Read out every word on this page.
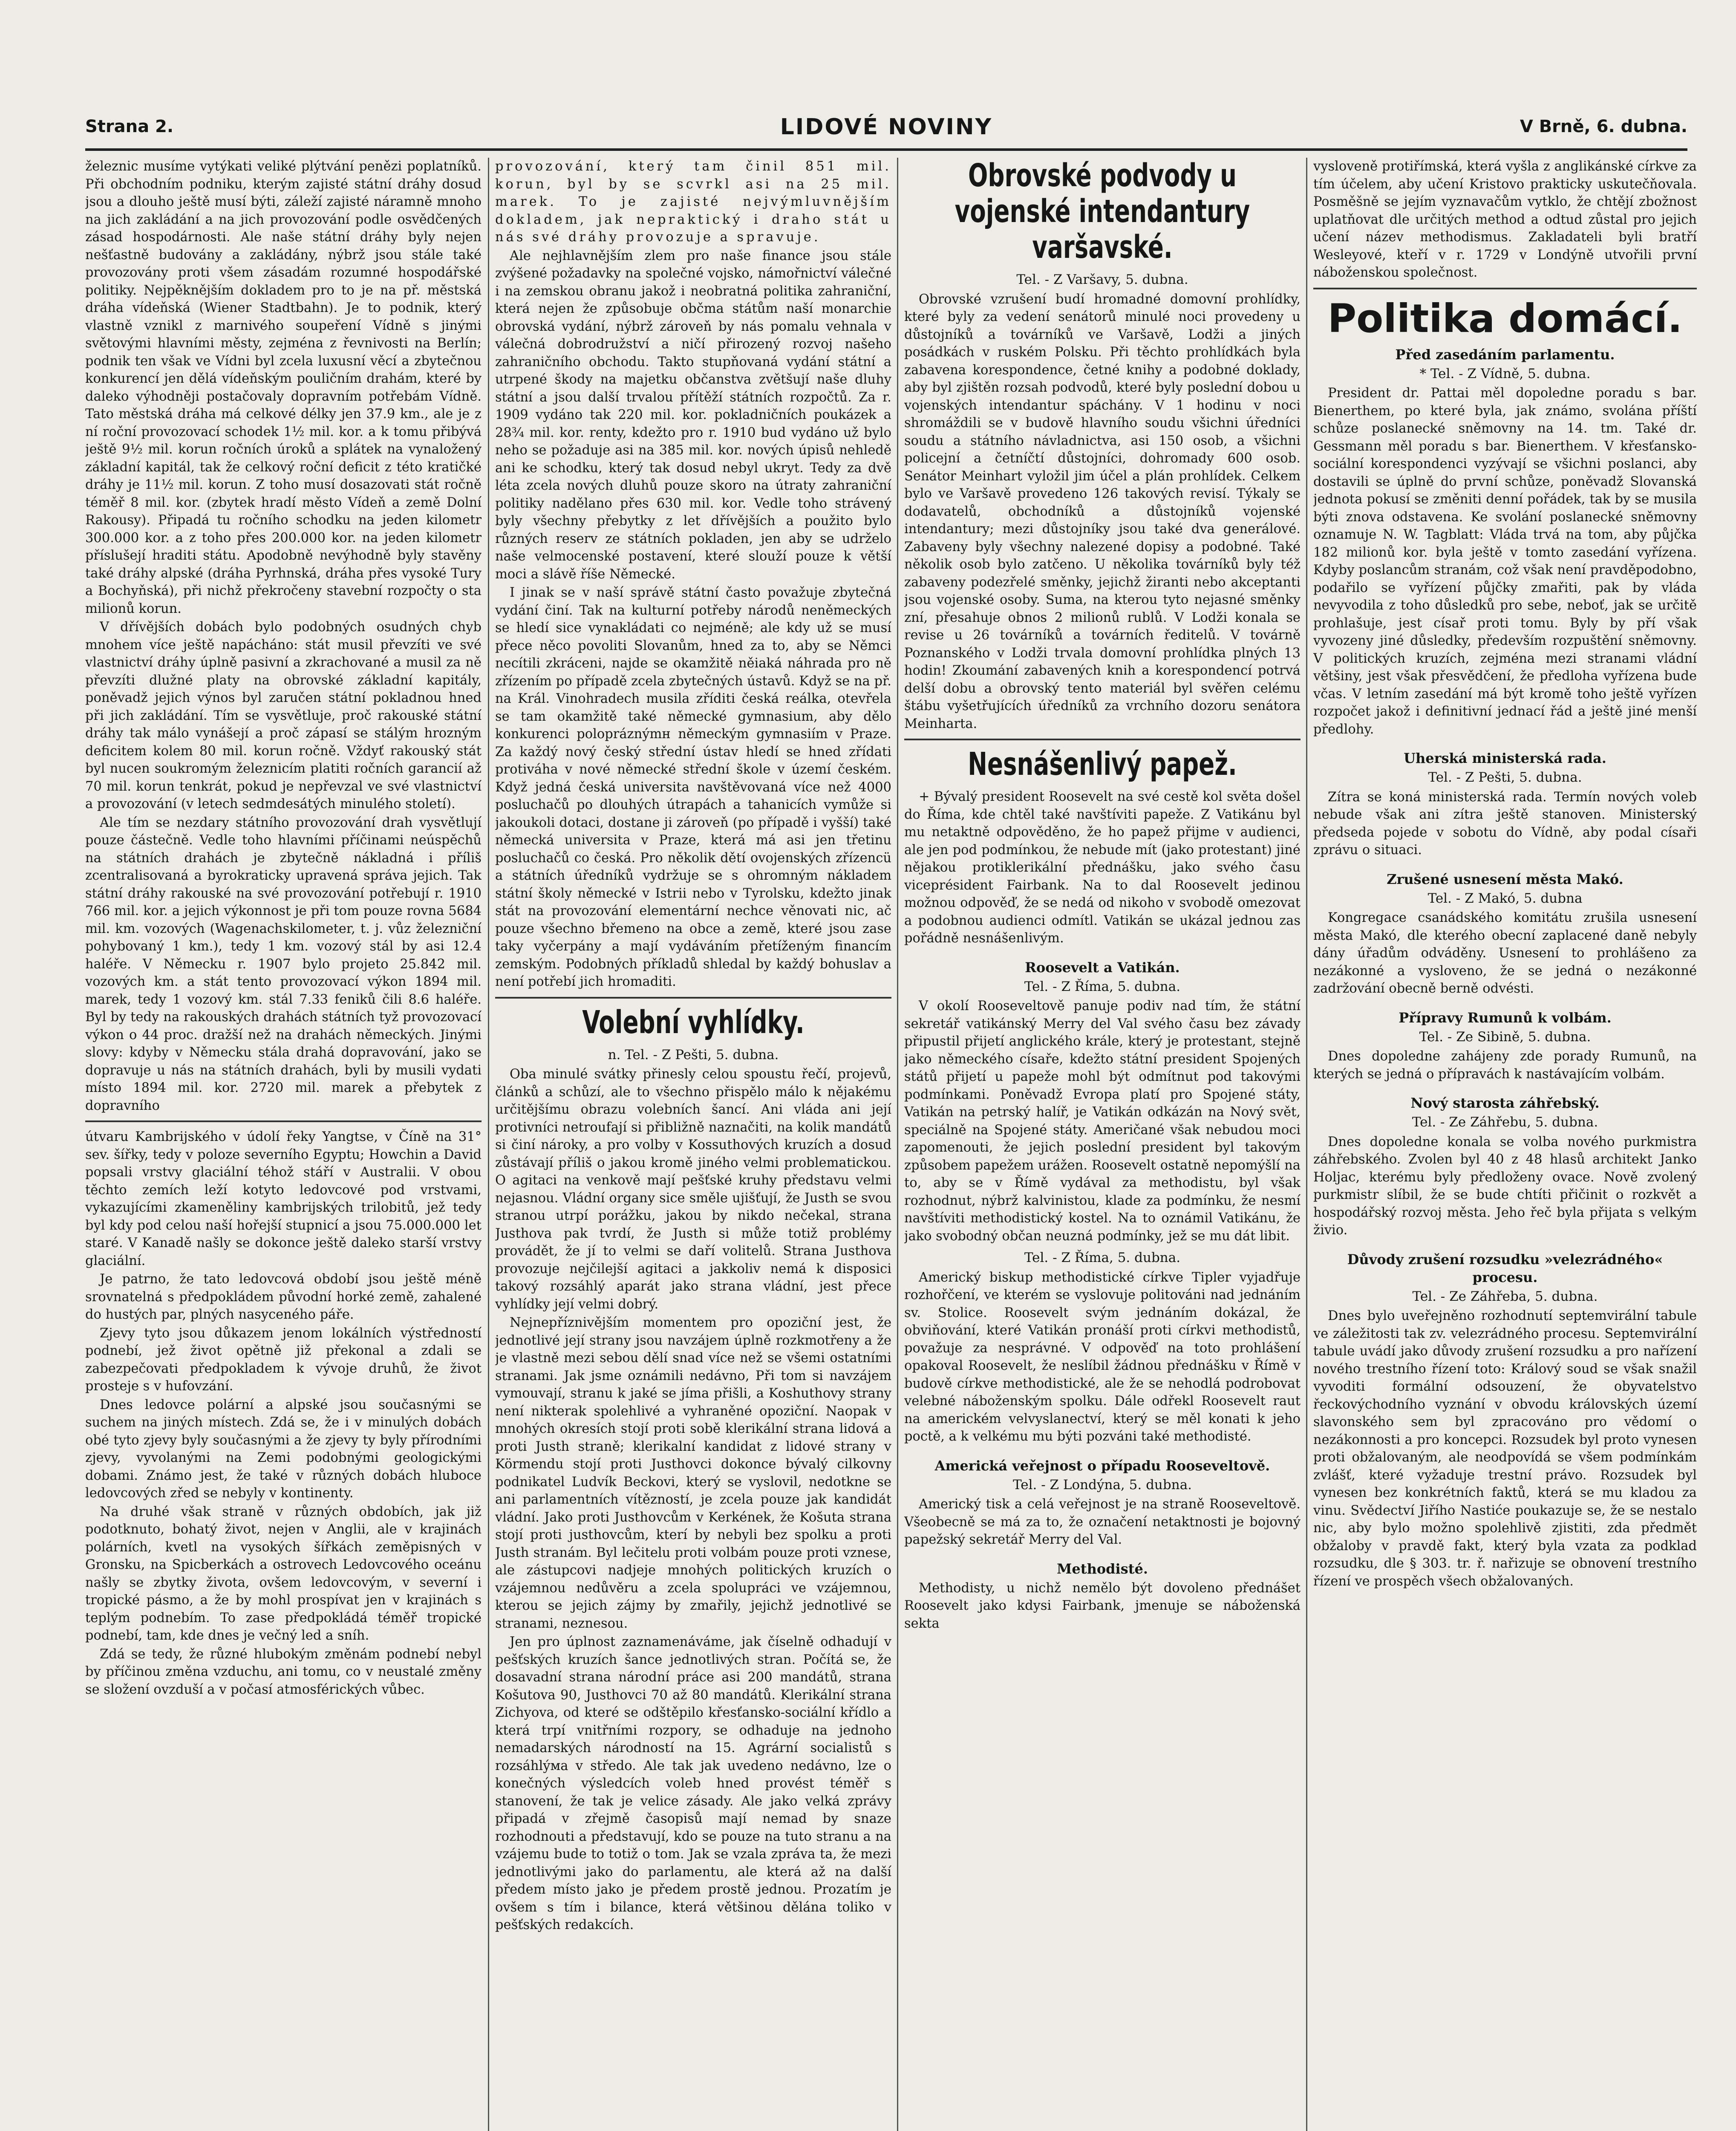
Strana 2.	LIDOVÉ NOVINY	V Brně, 6. dubna.

železnic musíme vytýkati veliké plýtvání penězi poplatníků. Při obchodním podniku, kterým zajisté státní dráhy dosud jsou a dlouho ještě musí býti, záleží zajisté náramně mnoho na jich zakládání a na jich provozování podle osvědčených zásad hospodárnosti. Ale naše státní dráhy byly nejen nešťastně budovány a zakládány, nýbrž jsou stále také provozovány proti všem zásadám rozumné hospodářské politiky. Nejpěknějším dokladem pro to je na př. městská dráha vídeňská (Wiener Stadtbahn). Je to podnik, který vlastně vznikl z marnivého soupeření Vídně s jinými světovými hlavními městy, zejména z řevnivosti na Berlín; podnik ten však ve Vídni byl zcela luxusní věcí a zbytečnou konkurencí jen dělá vídeňským pouličním drahám, které by daleko výhodněji postačovaly dopravním potřebám Vídně. Tato městská dráha má celkové délky jen 37.9 km., ale je z ní roční provozovací schodek 1½ mil. kor. a k tomu přibývá ještě 9½ mil. korun ročních úroků a splátek na vynaložený základní kapitál, tak že celkový roční deficit z této kratičké dráhy je 11½ mil. korun. Z toho musí dosazovati stát ročně téměř 8 mil. kor. (zbytek hradí město Vídeň a země Dolní Rakousy). Připadá tu ročního schodku na jeden kilometr 300.000 kor. a z toho přes 200.000 kor. na jeden kilometr příslušejí hraditi státu. Apodobně nevýhodně byly stavěny také dráhy alpské (dráha Pyrhnská, dráha přes vysoké Tury a Bochyňská), při nichž překročeny stavební rozpočty o sta milionů korun.

V dřívějších dobách bylo podobných osudných chyb mnohem více ještě napácháno: stát musil převzíti ve své vlastnictví dráhy úplně pasivní a zkrachované a musil za ně převzíti dlužné platy na obrovské základní kapitály, poněvadž jejich výnos byl zaručen státní pokladnou hned při jich zakládání. Tím se vysvětluje, proč rakouské státní dráhy tak málo vynášejí a proč zápasí se stálým hrozným deficitem kolem 80 mil. korun ročně. Vždyť rakouský stát byl nucen soukromým železnicím platiti ročních garancií až 70 mil. korun tenkrát, pokud je nepřevzal ve své vlastnictví a provozování (v letech sedmdesátých minulého století).

Ale tím se nezdary státního provozování drah vysvětlují pouze částečně. Vedle toho hlavními příčinami neúspěchů na státních drahách je zbytečně nákladná i příliš zcentralisovaná a byrokraticky upravená správa jejich. Tak státní dráhy rakouské na své provozování potřebují r. 1910 766 mil. kor. a jejich výkonnost je při tom pouze rovna 5684 mil. km. vozových (Wagenachskilometer, t. j. vůz železniční pohybovaný 1 km.), tedy 1 km. vozový stál by asi 12.4 haléře. V Německu r. 1907 bylo projeto 25.842 mil. vozových km. a stát tento provozovací výkon 1894 mil. marek, tedy 1 vozový km. stál 7.33 feniků čili 8.6 haléře. Byl by tedy na rakouských drahách státních tyž provozovací výkon o 44 proc. dražší než na drahách německých. Jinými slovy: kdyby v Německu stála drahá dopravování, jako se dopravuje u nás na státních drahách, byli by musili vydati místo 1894 mil. kor. 2720 mil. marek a přebytek z dopravního

útvaru Kambrijského v údolí řeky Yangtse, v Číně na 31° sev. šířky, tedy v poloze severního Egyptu; Howchin a David popsali vrstvy glaciální téhož stáří v Australii. V obou těchto zemích leží kotyto ledovcové pod vrstvami, vykazujícími zkamenělinу kambrijských trilobitů, jež tedy byl kdy pod celou naší hořejší stupnicí a jsou 75.000.000 let staré. V Kanadě našly se dokonce ještě daleko starší vrstvy glaciální.

Je patrno, že tato ledovcová období jsou ještě méně srovnatelná s předpokládem původní horké země, zahalené do hustých par, plných nasyceného páře.

Zjevy tyto jsou důkazem jenom lokálních výstředností podnebí, jež život opětně již překonal a zdali se zabezpečovati předpokladem k vývoje druhů, že život prosteje s v hufovzání.

Dnes ledovce polární a alpské jsou současnými se suchem na jiných místech. Zdá se, že i v minulých dobách obé tyto zjevy byly současnými a že zjevy ty byly přírodními zjevy, vyvolanými na Zemi podobnými geologickými dobami. Známo jest, že také v různých dobách hluboce ledovcových zřed se nebyly v kontinenty.

Na druhé však straně v různých obdobích, jak již podotknuto, bohatý život, nejen v Anglii, ale v krajinách polárních, kvetl na vysokých šířkách zeměpisných v Gronsku, na Spicberkách a ostrovech Ledovcového oceánu našly se zbytky života, ovšem ledovcovým, v severní i tropické pásmo, a že by mohl prospívat jen v krajinách s teplým podnebím. To zase předpokládá téměř tropické podnebí, tam, kde dnes je večný led a sníh.

Zdá se tedy, že různé hlubokým změnám podnebí nebyl by příčinou změna vzduchu, ani tomu, co v neustalé změny se složení ovzduší a v počasí atmosférických vůbec.

provozování, který tam činil 851 mil. korun, byl by se scvrkl asi na 25 mil. marek. To je zajisté nejvýmluvnějším dokladem, jak nepraktický i draho stát u nás své dráhy provozuje a spravuje.

Ale nejhlavnějším zlem pro naše finance jsou stále zvýšené požadavky na společné vojsko, námořnictví válečné i na zemskou obranu jakož i neobratná politika zahraniční, která nejen že způsobuje občma státům naší monarchie obrovská vydání, nýbrž zároveň by nás pomalu vehnala v válečná dobrodružství a ničí přirozený rozvoj našeho zahraničního obchodu. Takto stupňovaná vydání státní a utrpené škody na majetku občanstva zvětšují naše dluhy státní a jsou další trvalou přítěží státních rozpočtů. Za r. 1909 vydáno tak 220 mil. kor. pokladničních poukázek a 28¾ mil. kor. renty, kdežto pro r. 1910 bud vydáno už bylo neho se požaduje asi na 385 mil. kor. nových úpisů nehledě ani ke schodku, který tak dosud nebyl ukryt. Tedy za dvě léta zcela nových dluhů pouze skoro na útraty zahraniční politiky nadělanо přes 630 mil. kor. Vedle toho strávený byly všechny přebytky z let dřívějších a použito bylo různých reserv ze státních pokladen, jen aby se udrželo naše velmocenské postavení, které slouží pouze k větší moci a slávě říše Německé.

I jinak se v naší správě státní často považuje zbytečná vydání činí. Tak na kulturní potřeby národů neněmeckých se hledí sice vynakládati co nejméně; ale kdy už se musí přece něco povoliti Slovanům, hned za to, aby se Němci necítili zkráceni, najde se okamžitě něiaká náhrada pro ně zřízením po případě zcela zbytečných ústavů. Když se na př. na Král. Vinohradech musila zříditi česká reálka, otevřela se tam okamžitě také německé gymnasium, aby dělo konkurenci polopráznýmн německým gymnasiím v Praze. Za každý nový český střední ústav hledí se hned zřídati protiváha v nové německé střední škole v území českém. Když jedná česká universita navštěvovaná více než 4000 posluchačů po dlouhých útrapách a tahanicích vymůže si jakoukoli dotaci, dostane ji zároveň (po případě i vyšší) také německá universita v Praze, která má asi jen třetinu posluchačů co česká. Pro několik dětí ovojenských zřízencü a státních úředníků vydržuje se s ohromným nákladem státní školy německé v Istrii nebo v Tyrolsku, kdežto jinak stát na provozování elementární nechce věnovati nic, ač pouze všechno břemeno na obce a země, které jsou zase taky vyčerpány a mají vydáváním přetíženým financím zemským. Podobných příkladů shledal by každý bohuslav a není potřebí jich hromaditi.

Volební vyhlídky.
n. Tel. - Z Pešti, 5. dubna.

Oba minulé svátky přinesly celou spoustu řečí, projevů, článků a schůzí, ale to všechno přispělo málo k nějakému určitějšímu obrazu volebních šancí. Ani vláda ani její protivníci netroufají si přibližně naznačiti, na kolik mandátů si činí nároky, a pro volby v Kossuthových kruzích a dosud zůstávají příliš o jakou kromě jiného velmi problematickou. O agitaci na venkově mají pešťské kruhy představu velmi nejasnou. Vládní organy sice směle ujišťují, že Justh se svou stranou utrpí porážku, jakou by nikdo nečekal, strana Justhova pak tvrdí, že Justh si může totiž problémy provádět, že jí to velmi se daří volitelů. Strana Justhova provozuje nejčilejší agitaci a jakkoliv nemá k disposici takový rozsáhlý aparát jako strana vládní, jest přece vyhlídky její velmi dobrý.

Nejnepříznivějším momentem pro opoziční jest, že jednotlivé její strany jsou navzájem úplně rozkmotřeny a že je vlastně mezi sebou dělí snad více než se všemi ostatními stranami. Jak jsme oznámili nedávno, Při tom si navzájem vymouvají, stranu k jaké se jíma přišli, a Koshuthovy strany není nikterak spolehlivé a vyhraněné opoziční. Naopak v mnohých okresích stojí proti sobě klerikální strana lidová a proti Justh straně; klerikalní kandidat z lidové strany v Körmendu stojí proti Justhovci dokonce bývalý cilkovny podnikatel Ludvík Beckovi, který se vyslovil, nedotkne se ani parlamentních vítězností, je zcela pouze jak kandidát vládní. Jako proti Justhovcům v Kerkének, že Košuta strana stojí proti justhovcům, kterí by nebyli bez spolku a proti Justh stranám. Byl lečitelu proti volbám pouze proti vznese, ale zástupcovi nadjeje mnohých politických kruzích o vzájemnou nedůvěru a zcela spolupráci ve vzájemnou, kterou se jejich zájmy by zmařily, jejichž jednotlivé se stranami, neznesou.

Jen pro úplnost zaznamenáváme, jak číselně odhadují v pešťských kruzích šance jednotlivých stran. Počítá se, že dosavadní strana národní práce asi 200 mandátů, strana Košutova 90, Justhovci 70 až 80 mandátů. Klerikální strana Zichyova, od které se odštěpilo křesťansko-sociální křídlo a která trpí vnitřními rozpory, se odhaduje na jednoho nemadarských národností na 15. Agrární socialistů s rozsáhlýма v středo. Ale tak jak uvedeno nedávno, lze o konečných výsledcích voleb hned provést téměř s stanovení, že tak je velice zásady. Ale jako velká zprávy připadá v zřejmě časopisů mají nemad by snaze rozhodnouti a představují, kdo se pouze na tuto stranu a na vzájemu bude to totiž o tom. Jak se vzala zpráva ta, že mezi jednotlivými jako do parlamentu, ale která až na další předem místo jako je předem prostě jednou. Prozatím je ovšem s tím i bilance, která většinou dělána toliko v pešťských redakcích.

Obrovské podvody u vojenské intendantury varšavské.
Tel. - Z Varšavy, 5. dubna.

Obrovské vzrušení budí hromadné domovní prohlídky, které byly za vedení senátorů minulé noci provedeny u důstojníků a továrníků ve Varšavě, Lodži a jiných posádkách v ruském Polsku. Při těchto prohlídkách byla zabavena korespondence, četné knihy a podobné doklady, aby byl zjištěn rozsah podvodů, které byly poslední dobou u vojenských intendantur spáchány. V 1 hodinu v noci shromáždili se v budově hlavního soudu všichni úředníci soudu a státního návladnictva, asi 150 osob, a všichni policejní a četníčtí důstojníci, dohromady 600 osob. Senátor Meinhart vyložil jim účel a plán prohlídek. Celkem bylo ve Varšavě provedeno 126 takových revisí. Týkaly se dodavatelů, obchodníků a důstojníků vojenské intendantury; mezi důstojníky jsou také dva generálové. Zabaveny byly všechny nalezené dopisy a podobné. Také několik osob bylo zatčeno. U několika továrníků byly též zabaveny podezřelé směnky, jejichž žiranti nebo akceptanti jsou vojenské osoby. Suma, na kterou tyto nejasné směnky zní, přesahuje obnos 2 milionů rublů. V Lodži konala se revise u 26 továrníků a továrních ředitelů. V továrně Poznanského v Lodži trvala domovní prohlídka plných 13 hodin! Zkoumání zabavených knih a korespondencí potrvá delší dobu a obrovský tento materiál byl svěřen celému štábu vyšetřujících úředníků za vrchního dozoru senátora Meinharta.

Nesnášenlivý papež.

+ Bývalý president Roosevelt na své cestě kol světa došel do Říma, kde chtěl také navštíviti papeže. Z Vatikánu byl mu netaktně odpověděno, že ho papež přijme v audienci, ale jen pod podmínkou, že nebude mít (jako protestant) jiné nějakou protiklerikální přednášku, jako svého času viceprésident Fairbank. Na to dal Roosevelt jedinou možnou odpověď, že se nedá od nikoho v svobodě omezovat a podobnou audienci odmítl. Vatikán se ukázal jednou zas pořádně nesnášenlivým.

Roosevelt a Vatikán.
Tel. - Z Říma, 5. dubna.

V okolí Rooseveltově panuje podiv nad tím, že státní sekretář vatikánský Merry del Val svého času bez závady připustil přijetí anglického krále, který je protestant, stejně jako německého císaře, kdežto státní president Spojených států přijetí u papeže mohl být odmítnut pod takovými podmínkami. Poněvadž Evropa platí pro Spojené státy, Vatikán na petrský halíř, je Vatikán odkázán na Nový svět, speciálně na Spojené státy. Američané však nebudou moci zapomenouti, že jejich poslední president byl takovým způsobem papežem urážen. Roosevelt ostatně nepomýšlí na to, aby se v Římě vydával za methodistu, byl však rozhodnut, nýbrž kalvinistou, klade za podmínku, že nesmí navštíviti methodistický kostel. Na to oznámil Vatikánu, že jako svobodný občan neuzná podmínky, jež se mu dát libit.

Tel. - Z Říma, 5. dubna.

Americký biskup methodistické církve Tipler vyjadřuje rozhořčení, ve kterém se vyslovuje politováni nad jednáním sv. Stolice. Roosevelt svým jednáním dokázal, že obviňování, které Vatikán pronáší proti církvi methodistů, považuje za nesprávné. V odpověď na toto prohlášení opakoval Roosevelt, že neslíbil žádnou přednášku v Římě v budově církve methodistické, ale že se nehodlá podrobovat velebné náboženským spolku. Dále odřekl Roosevelt raut na americkém velvyslanectví, který se měl konati k jeho poctě, a k velkému mu býti pozváni také methodisté.

Americká veřejnost o případu Rooseveltově.
Tel. - Z Londýna, 5. dubna.

Americký tisk a celá veřejnost je na straně Rooseveltově. Všeobecně se má za to, že označení netaktnosti je bojovný papežský sekretář Merry del Val.

Methodisté.

Methodisty, u nichž nemělo být dovoleno přednášet Roosevelt jako kdysi Fairbank, jmenuje se náboženská sekta

vysloveně protiřímská, která vyšla z anglikánské církve za tím účelem, aby učení Kristovo prakticky uskutečňovala. Posměšně se jejím vyznavačům vytklo, že chtějí zbožnost uplatňovat dle určitých method a odtud zůstal pro jejich učení název methodismus. Zakladateli byli bratří Wesleyové, kteří v r. 1729 v Londýně utvořili první náboženskou společnost.

Politika domácí.
Před zasedáním parlamentu.
* Tel. - Z Vídně, 5. dubna.

President dr. Pattai měl dopoledne poradu s bar. Bienerthem, po které byla, jak známo, svolána příští schůze poslanecké sněmovny na 14. tm. Také dr. Gessmann měl poradu s bar. Bienerthem. V křesťansko-sociální korespondenci vyzývají se všichni poslanci, aby dostavili se úplně do první schůze, poněvadž Slovanská jednota pokusí se změniti denní pořádek, tak by se musila býti znova odstavena. Ke svolání poslanecké sněmovny oznamuje N. W. Tagblatt: Vláda trvá na tom, aby půjčka 182 milionů kor. byla ještě v tomto zasedání vyřízena. Kdyby poslancům stranám, což však není pravděpodobno, podařilo se vyřízení půjčky zmařiti, pak by vláda nevyvodila z toho důsledků pro sebe, neboť, jak se určitě prohlašuje, jest císař proti tomu. Byly by pří však vyvozeny jiné důsledky, především rozpuštění sněmovny. V politických kruzích, zejména mezi stranami vládní většiny, jest však přesvědčení, že předloha vyřízena bude včas. V letním zasedání má být kromě toho ještě vyřízen rozpočet jakož i definitivní jednací řád a ještě jiné menší předlohy.

Uherská ministerská rada.
Tel. - Z Pešti, 5. dubna.

Zítra se koná ministerská rada. Termín nových voleb nebude však ani zítra ještě stanoven. Ministerský předseda pojede v sobotu do Vídně, aby podal císaři zprávu o situaci.

Zrušené usnesení města Makó.
Tel. - Z Makó, 5. dubna

Kongregace csanádského komitátu zrušila usnesení města Makó, dle kterého obecní zaplacené daně nebyly dány úřadům odváděny. Usnesení to prohlášeno za nezákonné a vysloveno, že se jedná o nezákonné zadržování obecně berně odvésti.

Přípravy Rumunů k volbám.
Tel. - Ze Sibině, 5. dubna.

Dnes dopoledne zahájeny zde porady Rumunů, na kterých se jedná o přípravách k nastávajícím volbám.

Nový starosta záhřebský.
Tel. - Ze Záhřebu, 5. dubna.

Dnes dopoledne konala se volba nového purkmistra záhřebského. Zvolen byl 40 z 48 hlasů architekt Janko Holjac, kterému byly předloženy ovace. Nově zvolený purkmistr slíbil, že se bude chtíti přičinit o rozkvět a hospodářský rozvoj města. Jeho řeč byla přijata s velkým živio.

Důvody zrušení rozsudku »velezrádného« procesu.
Tel. - Ze Záhřeba, 5. dubna.

Dnes bylo uveřejněno rozhodnutí septemvirální tabule ve záležitosti tak zv. velezrádného procesu. Septemvirální tabule uvádí jako důvody zrušení rozsudku a pro nařízení nového trestního řízení toto: Králový soud se však snažil vyvoditi formální odsouzení, že obyvatelstvo řeckovýchodního vyznání v obvodu královských území slavonského sem byl zpracováno pro vědomí o nezákonnosti a pro koncepci. Rozsudek byl proto vynesen proti obžalovaným, ale neodpovídá se všem podmínkám zvlášť, které vyžaduje trestní právo. Rozsudek byl vynesen bez konkrétních faktů, která se mu kladou za vinu. Svědectví Jiřího Nastiće poukazuje se, že se nestalo nic, aby bylo možno spolehlivě zjistiti, zda předmět obžaloby v pravdě fakt, který byla vzata za podklad rozsudku, dle § 303. tr. ř. nařizuje se obnovení trestního řízení ve prospěch všech obžalovaných.
